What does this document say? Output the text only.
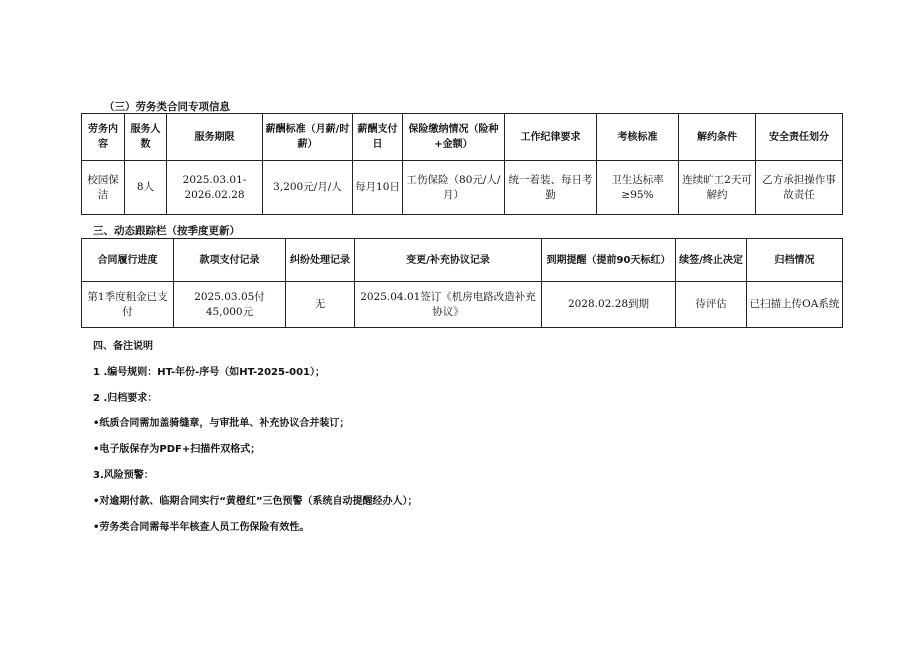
（三）劳务类合同专项信息
劳务内容	服务人数	服务期限	薪酬标准（月薪/时薪）	薪酬支付日	保险缴纳情况（险种+金额）	工作纪律要求	考核标准	解约条件	安全责任划分
校园保洁	8人	2025.03.01-2026.02.28	3,200元/月/人	每月10日	工伤保险（80元/人/月）	统一着装、每日考勤	卫生达标率≥95%	连续旷工2天可解约	乙方承担操作事故责任
三、动态跟踪栏（按季度更新）
合同履行进度	款项支付记录	纠纷处理记录	变更/补充协议记录	到期提醒（提前90天标红）	续签/终止决定	归档情况
第1季度租金已支付	2025.03.05付45,000元	无	2025.04.01签订《机房电路改造补充协议》	2028.02.28到期	待评估	已扫描上传OA系统
四、备注说明
1 .编号规则：HT-年份-序号（如HT-2025-001）；
2 .归档要求：
•纸质合同需加盖骑缝章，与审批单、补充协议合并装订；
•电子版保存为PDF+扫描件双格式；
3.风险预警：
•对逾期付款、临期合同实行“黄橙红”三色预警（系统自动提醒经办人）；
•劳务类合同需每半年核查人员工伤保险有效性。
